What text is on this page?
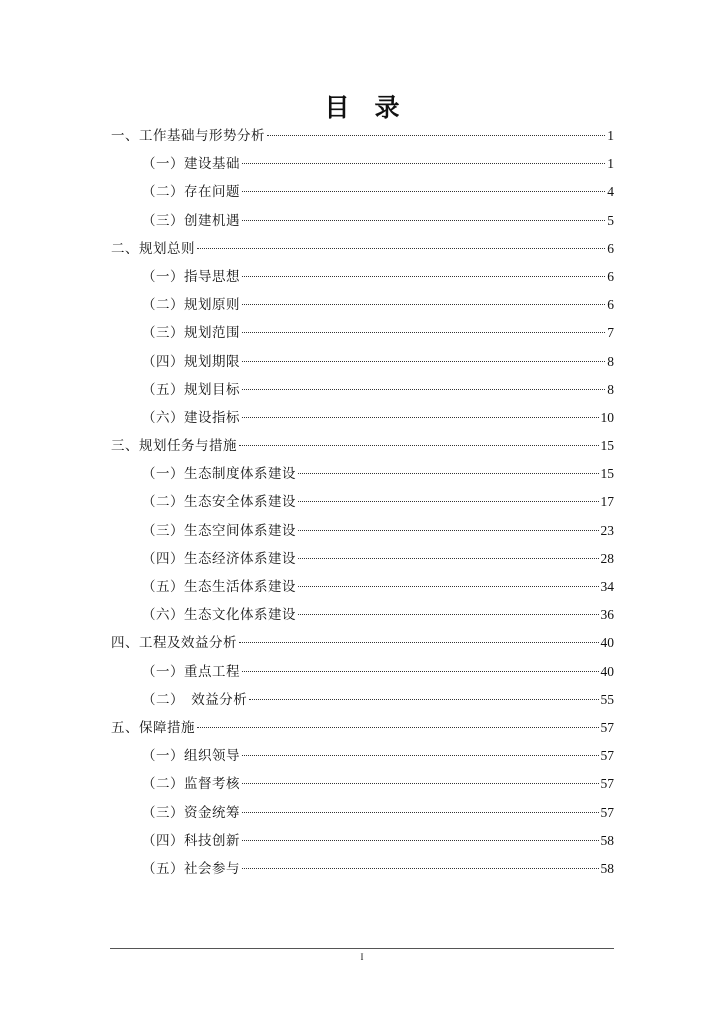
目　录
一、工作基础与形势分析	1
（一）建设基础	1
（二）存在问题	4
（三）创建机遇	5
二、规划总则	6
（一）指导思想	6
（二）规划原则	6
（三）规划范围	7
（四）规划期限	8
（五）规划目标	8
（六）建设指标	10
三、规划任务与措施	15
（一）生态制度体系建设	15
（二）生态安全体系建设	17
（三）生态空间体系建设	23
（四）生态经济体系建设	28
（五）生态生活体系建设	34
（六）生态文化体系建设	36
四、工程及效益分析	40
（一）重点工程	40
（二）　效益分析	55
五、保障措施	57
（一）组织领导	57
（二）监督考核	57
（三）资金统筹	57
（四）科技创新	58
（五）社会参与	58
I
